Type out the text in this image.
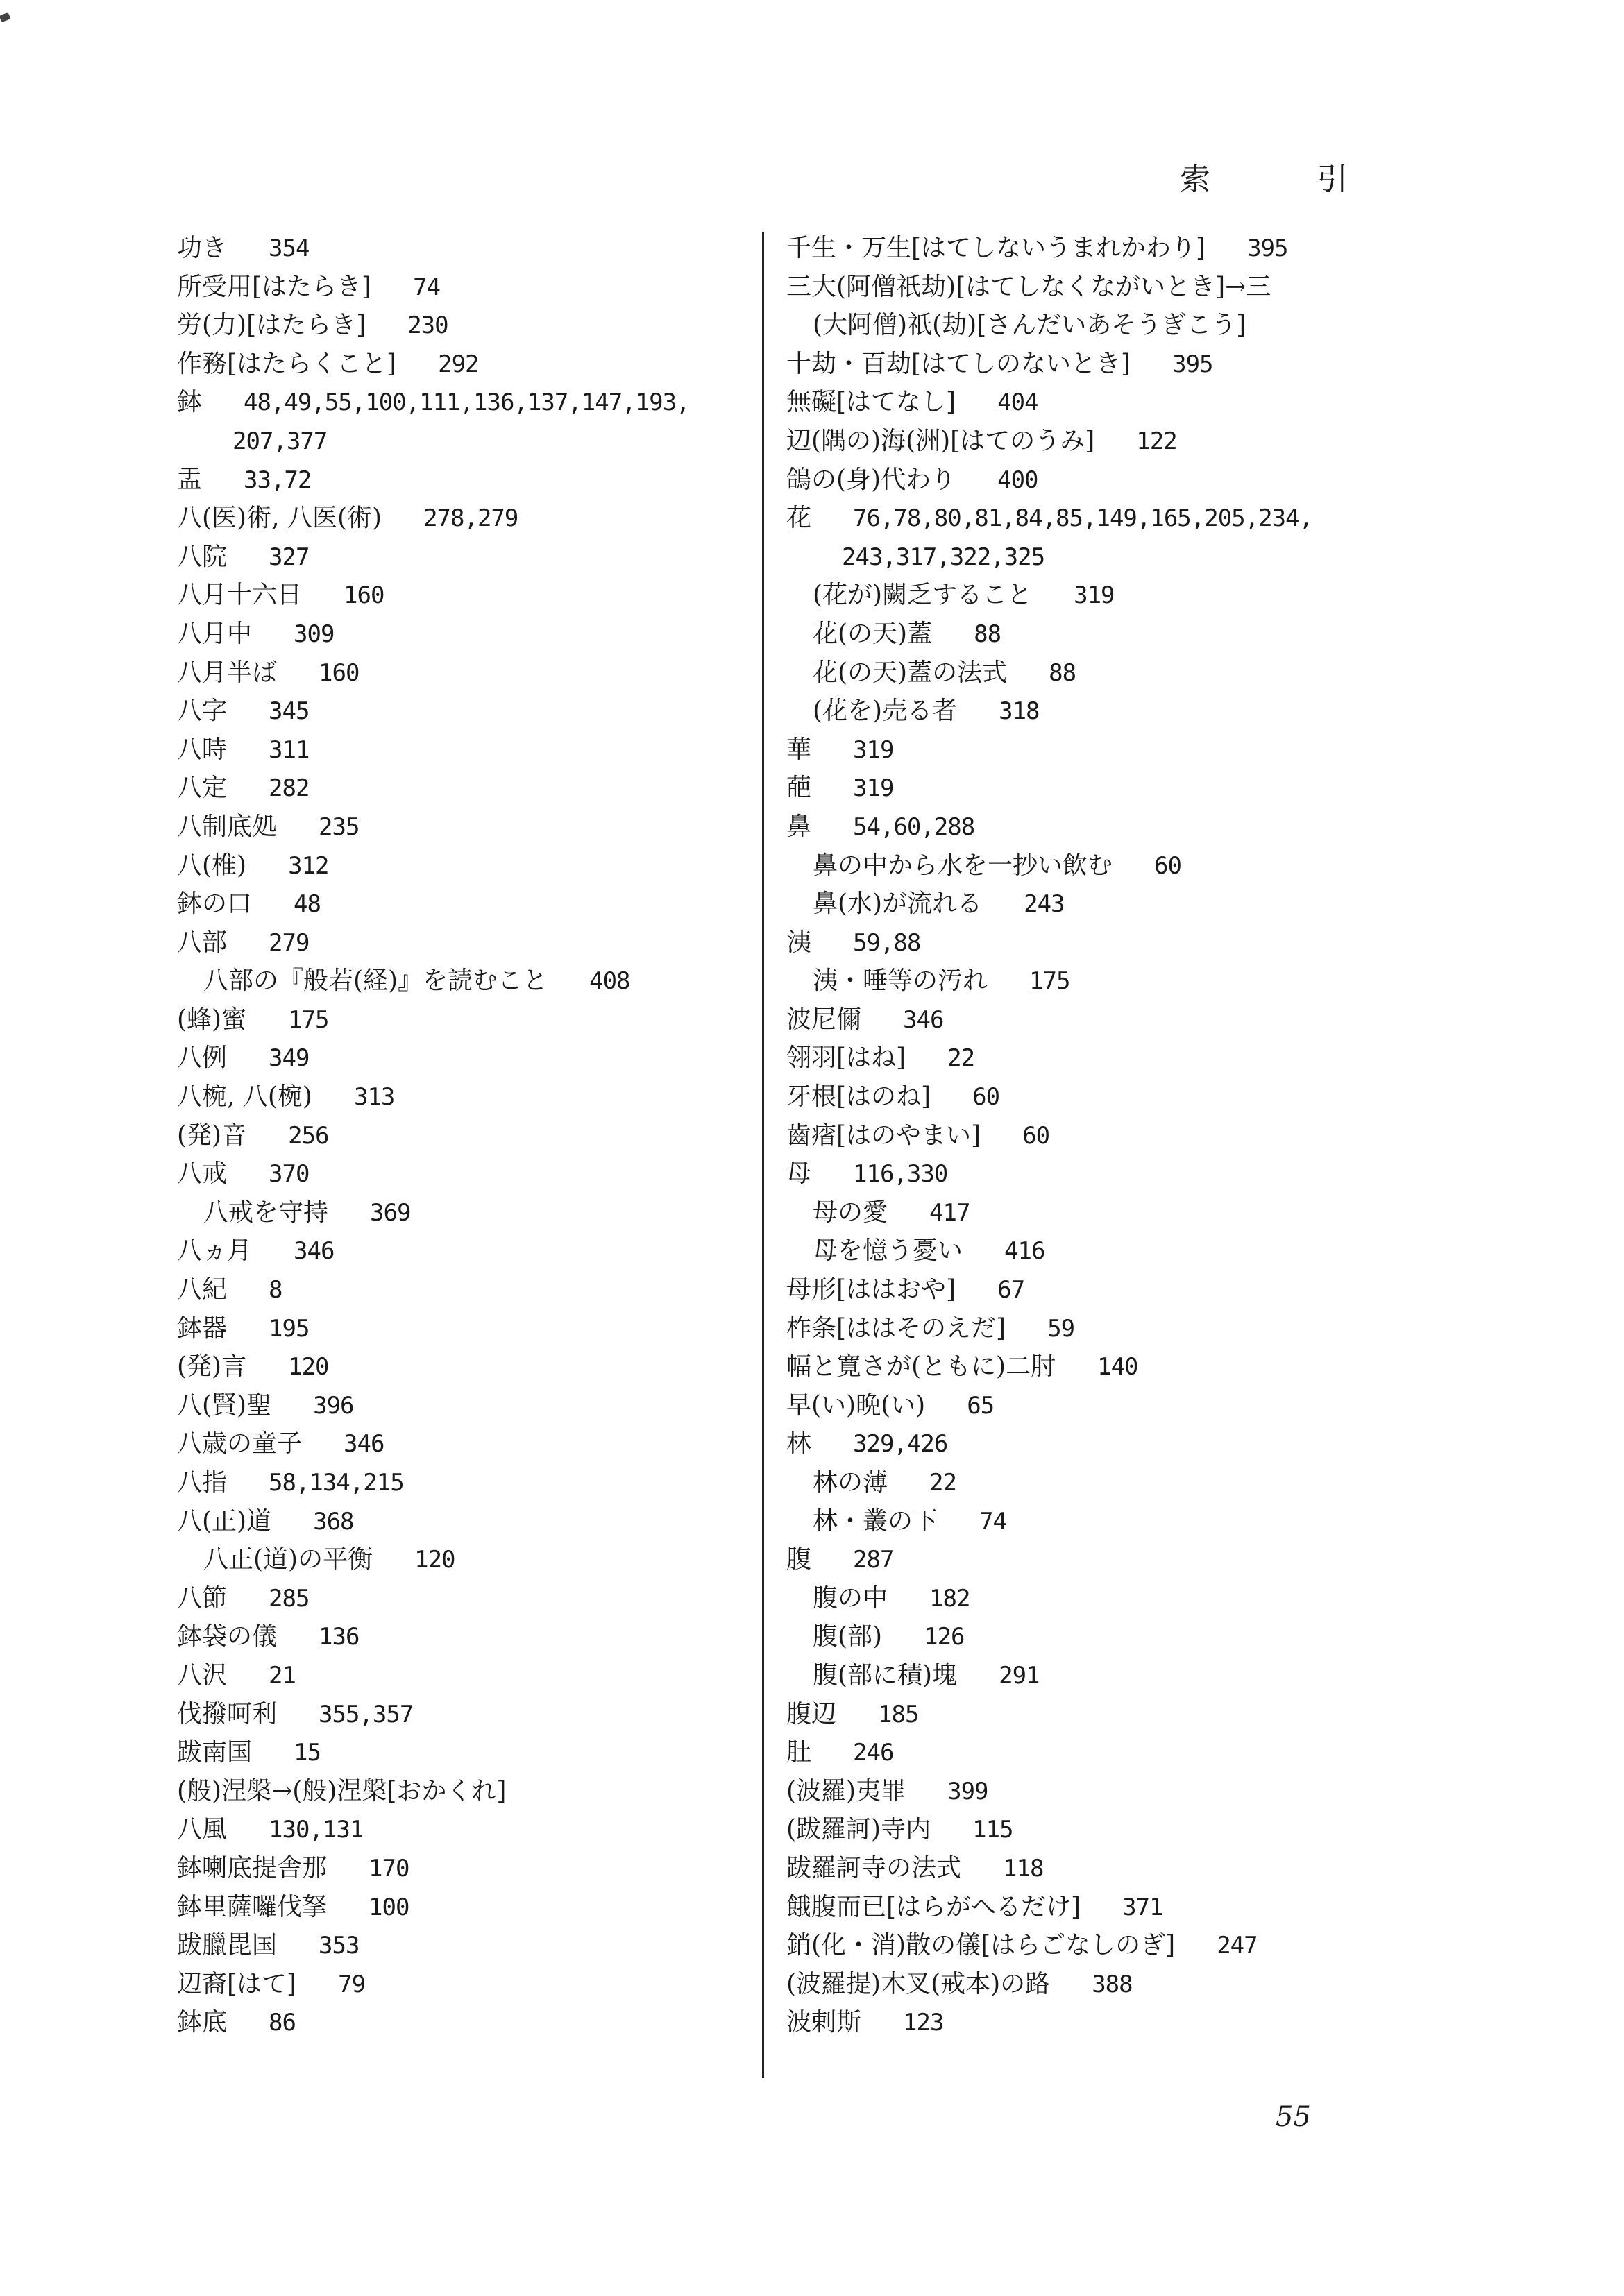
索 引
功き 354
所受用[はたらき] 74
労(力)[はたらき] 230
作務[はたらくこと] 292
鉢 48,49,55,100,111,136,137,147,193,
207,377
盂 33,72
八(医)術, 八医(術) 278,279
八院 327
八月十六日 160
八月中 309
八月半ば 160
八字 345
八時 311
八定 282
八制底処 235
八(椎) 312
鉢の口 48
八部 279
八部の『般若(経)』を読むこと 408
(蜂)蜜 175
八例 349
八椀, 八(椀) 313
(発)音 256
八戒 370
八戒を守持 369
八ヵ月 346
八紀 8
鉢器 195
(発)言 120
八(賢)聖 396
八歳の童子 346
八指 58,134,215
八(正)道 368
八正(道)の平衡 120
八節 285
鉢袋の儀 136
八沢 21
伐撥呵利 355,357
跋南国 15
(般)涅槃→(般)涅槃[おかくれ]
八風 130,131
鉢喇底提舎那 170
鉢里薩囉伐拏 100
跋臘毘国 353
辺裔[はて] 79
鉢底 86
千生・万生[はてしないうまれかわり] 395
三大(阿僧祇劫)[はてしなくながいとき]→三
(大阿僧)祇(劫)[さんだいあそうぎこう]
十劫・百劫[はてしのないとき] 395
無礙[はてなし] 404
辺(隅の)海(洲)[はてのうみ] 122
鴿の(身)代わり 400
花 76,78,80,81,84,85,149,165,205,234,
243,317,322,325
(花が)闕乏すること 319
花(の天)蓋 88
花(の天)蓋の法式 88
(花を)売る者 318
華 319
葩 319
鼻 54,60,288
鼻の中から水を一抄い飲む 60
鼻(水)が流れる 243
洟 59,88
洟・唾等の汚れ 175
波尼儞 346
翎羽[はね] 22
牙根[はのね] 60
齒㾪[はのやまい] 60
母 116,330
母の愛 417
母を憶う憂い 416
母形[ははおや] 67
柞条[ははそのえだ] 59
幅と寛さが(ともに)二肘 140
早(い)晩(い) 65
林 329,426
林の薄 22
林・叢の下 74
腹 287
腹の中 182
腹(部) 126
腹(部に積)塊 291
腹辺 185
肚 246
(波羅)夷罪 399
(跋羅訶)寺内 115
跋羅訶寺の法式 118
餓腹而已[はらがへるだけ] 371
銷(化・消)散の儀[はらごなしのぎ] 247
(波羅提)木叉(戒本)の路 388
波剌斯 123
55
